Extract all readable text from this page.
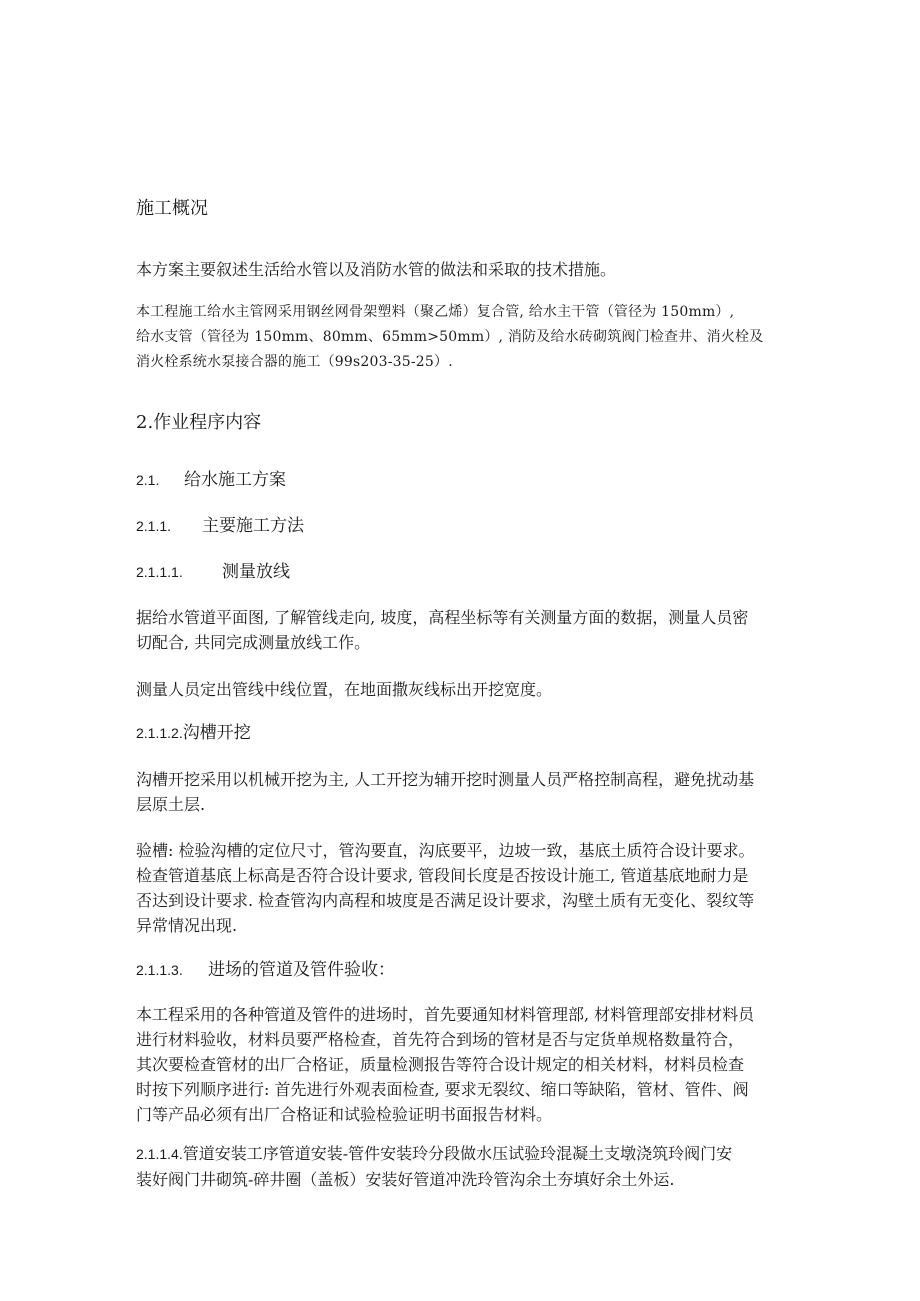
施工概况
本方案主要叙述生活给水管以及消防水管的做法和采取的技术措施。
本工程施工给水主管网采用钢丝网骨架塑料（聚乙烯）复合管, 给水主干管（管径为 150mm）,
给水支管（管径为 150mm、80mm、65mm>50mm）, 消防及给水砖砌筑阀门检查井、消火栓及
消火栓系统水泵接合器的施工（99s203-35-25）.
2.作业程序内容
2.1. 给水施工方案
2.1.1. 主要施工方法
2.1.1.1. 测量放线
据给水管道平面图, 了解管线走向, 坡度，高程坐标等有关测量方面的数据，测量人员密
切配合, 共同完成测量放线工作。
测量人员定出管线中线位置，在地面撒灰线标出开挖宽度。
2.1.1.2.沟槽开挖
沟槽开挖采用以机械开挖为主, 人工开挖为辅开挖时测量人员严格控制高程，避免扰动基
层原土层.
验槽: 检验沟槽的定位尺寸，管沟要直，沟底要平，边坡一致，基底土质符合设计要求。
检查管道基底上标高是否符合设计要求, 管段间长度是否按设计施工, 管道基底地耐力是
否达到设计要求. 检查管沟内高程和坡度是否满足设计要求，沟壁土质有无变化、裂纹等
异常情况出现.
2.1.1.3. 进场的管道及管件验收：
本工程采用的各种管道及管件的进场时，首先要通知材料管理部, 材料管理部安排材料员
进行材料验收，材料员要严格检查，首先符合到场的管材是否与定货单规格数量符合，
其次要检查管材的出厂合格证，质量检测报告等符合设计规定的相关材料，材料员检查
时按下列顺序进行: 首先进行外观表面检查, 要求无裂纹、缩口等缺陷，管材、管件、阀
门等产品必须有出厂合格证和试验检验证明书面报告材料。
2.1.1.4.管道安装工序管道安装-管件安装玲分段做水压试验玲混凝土支墩浇筑玲阀门安
装好阀门井砌筑-碎井圈（盖板）安装好管道冲洗玲管沟余土夯填好余土外运.
